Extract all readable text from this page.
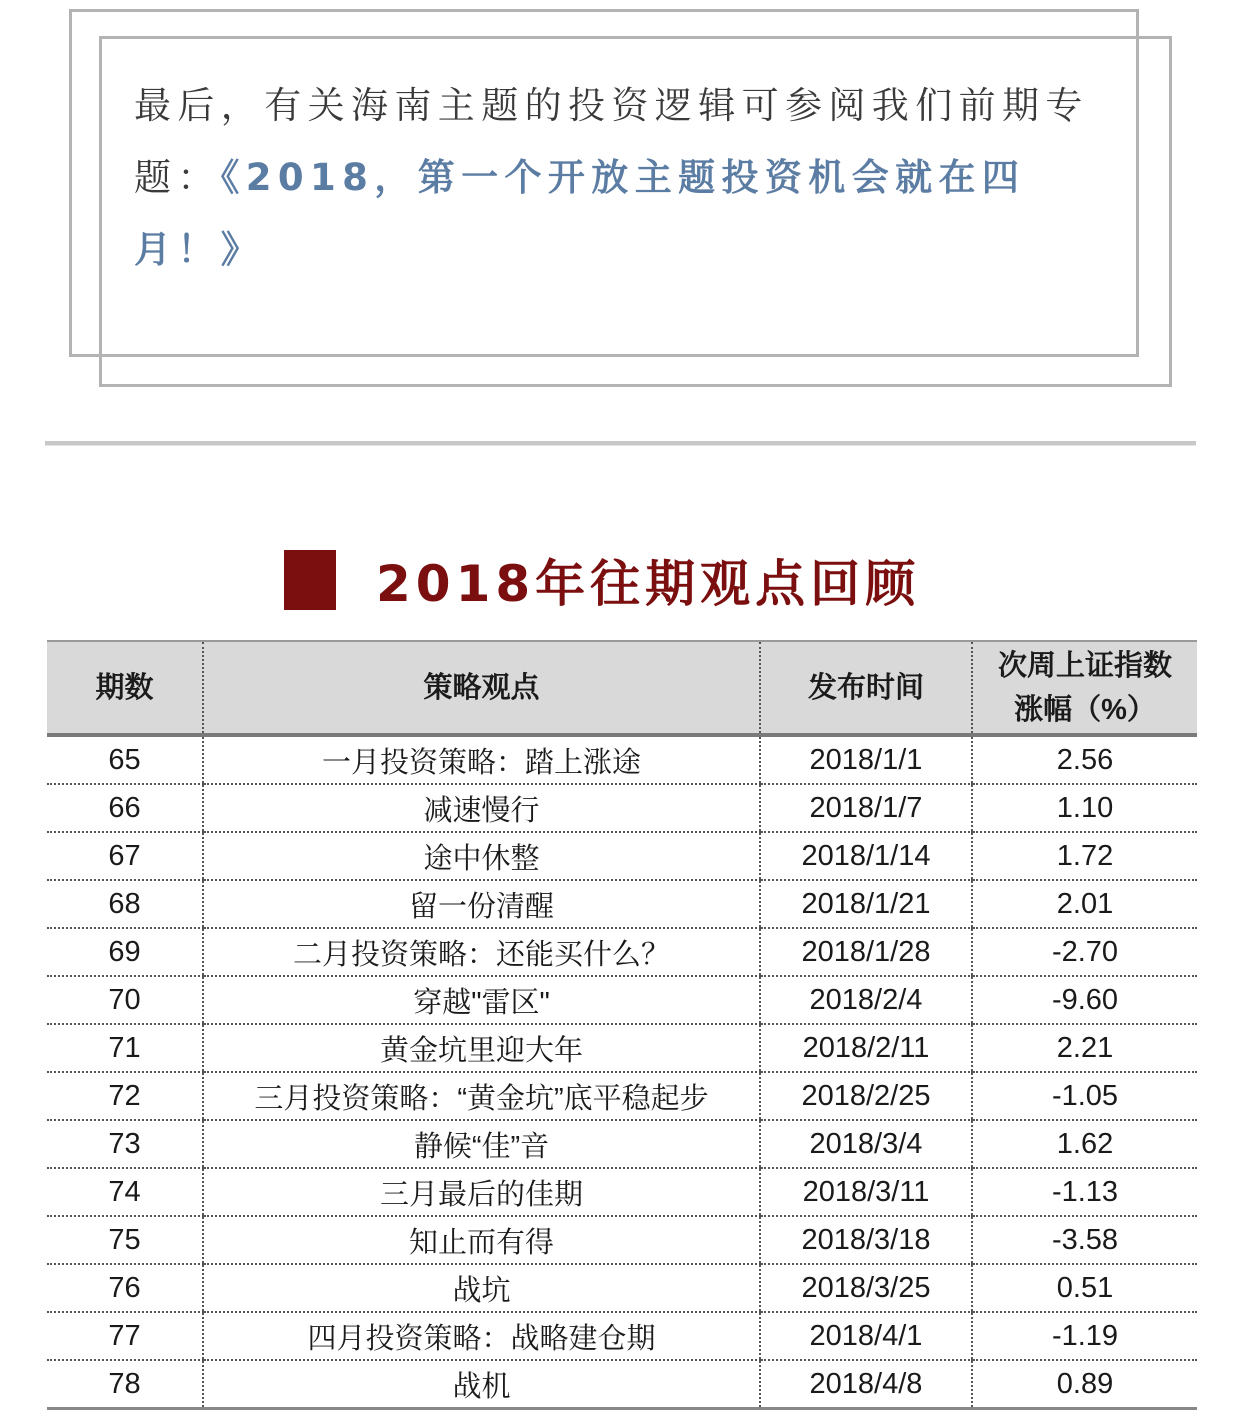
最后，有关海南主题的投资逻辑可参阅我们前期专题：《2018，第一个开放主题投资机会就在四月！》

2018年往期观点回顾
期数	策略观点	发布时间	次周上证指数
涨幅（%）
65	一月投资策略：踏上涨途	2018/1/1	2.56
66	减速慢行	2018/1/7	1.10
67	途中休整	2018/1/14	1.72
68	留一份清醒	2018/1/21	2.01
69	二月投资策略：还能买什么？	2018/1/28	-2.70
70	穿越"雷区"	2018/2/4	-9.60
71	黄金坑里迎大年	2018/2/11	2.21
72	三月投资策略：“黄金坑”底平稳起步	2018/2/25	-1.05
73	静候“佳”音	2018/3/4	1.62
74	三月最后的佳期	2018/3/11	-1.13
75	知止而有得	2018/3/18	-3.58
76	战坑	2018/3/25	0.51
77	四月投资策略：战略建仓期	2018/4/1	-1.19
78	战机	2018/4/8	0.89
